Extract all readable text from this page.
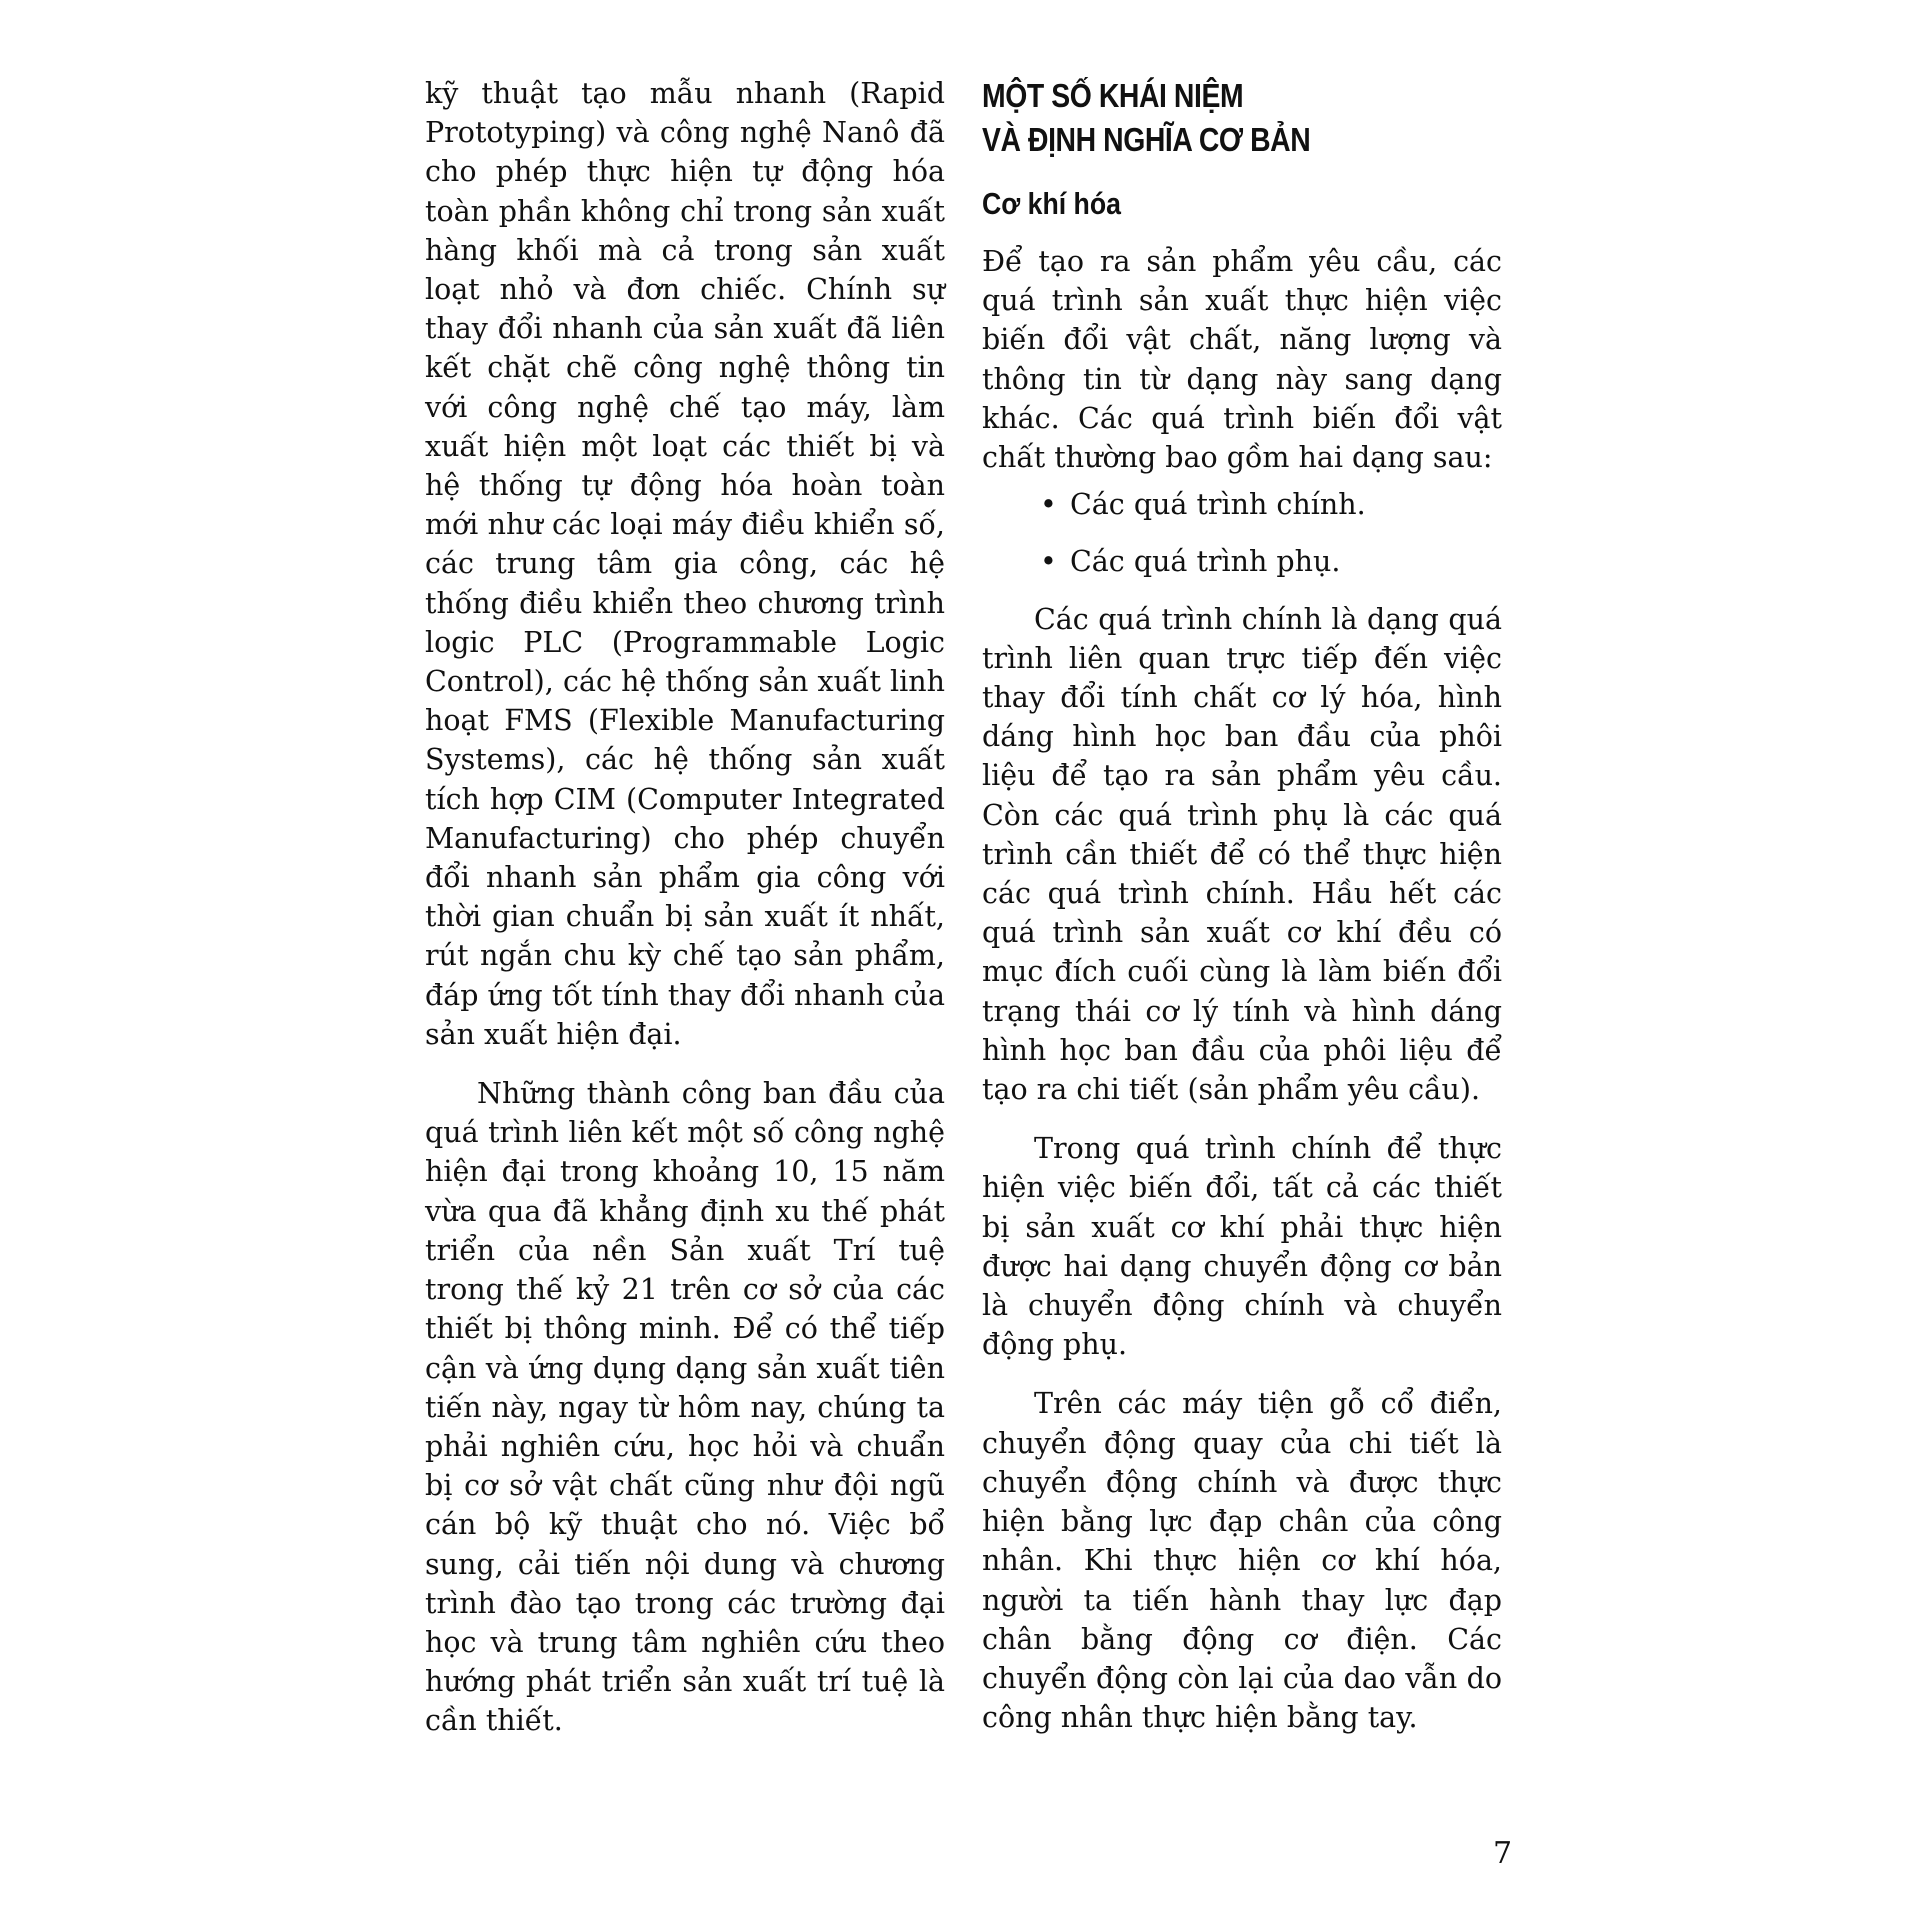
kỹ thuật tạo mẫu nhanh (Rapid Prototyping) và công nghệ Nanô đã cho phép thực hiện tự động hóa toàn phần không chỉ trong sản xuất hàng khối mà cả trong sản xuất loạt nhỏ và đơn chiếc. Chính sự thay đổi nhanh của sản xuất đã liên kết chặt chẽ công nghệ thông tin với công nghệ chế tạo máy, làm xuất hiện một loạt các thiết bị và hệ thống tự động hóa hoàn toàn mới như các loại máy điều khiển số, các trung tâm gia công, các hệ thống điều khiển theo chương trình logic PLC (Programmable Logic Control), các hệ thống sản xuất linh hoạt FMS (Flexible Manufacturing Systems), các hệ thống sản xuất tích hợp CIM (Computer Integrated Manufacturing) cho phép chuyển đổi nhanh sản phẩm gia công với thời gian chuẩn bị sản xuất ít nhất, rút ngắn chu kỳ chế tạo sản phẩm, đáp ứng tốt tính thay đổi nhanh của sản xuất hiện đại.

Những thành công ban đầu của quá trình liên kết một số công nghệ hiện đại trong khoảng 10, 15 năm vừa qua đã khẳng định xu thế phát triển của nền Sản xuất Trí tuệ trong thế kỷ 21 trên cơ sở của các thiết bị thông minh. Để có thể tiếp cận và ứng dụng dạng sản xuất tiên tiến này, ngay từ hôm nay, chúng ta phải nghiên cứu, học hỏi và chuẩn bị cơ sở vật chất cũng như đội ngũ cán bộ kỹ thuật cho nó. Việc bổ sung, cải tiến nội dung và chương trình đào tạo trong các trường đại học và trung tâm nghiên cứu theo hướng phát triển sản xuất trí tuệ là cần thiết.

MỘT SỐ KHÁI NIỆM
VÀ ĐỊNH NGHĨA CƠ BẢN
Cơ khí hóa

Để tạo ra sản phẩm yêu cầu, các quá trình sản xuất thực hiện việc biến đổi vật chất, năng lượng và thông tin từ dạng này sang dạng khác. Các quá trình biến đổi vật chất thường bao gồm hai dạng sau:

• Các quá trình chính.
• Các quá trình phụ.

Các quá trình chính là dạng quá trình liên quan trực tiếp đến việc thay đổi tính chất cơ lý hóa, hình dáng hình học ban đầu của phôi liệu để tạo ra sản phẩm yêu cầu. Còn các quá trình phụ là các quá trình cần thiết để có thể thực hiện các quá trình chính. Hầu hết các quá trình sản xuất cơ khí đều có mục đích cuối cùng là làm biến đổi trạng thái cơ lý tính và hình dáng hình học ban đầu của phôi liệu để tạo ra chi tiết (sản phẩm yêu cầu).

Trong quá trình chính để thực hiện việc biến đổi, tất cả các thiết bị sản xuất cơ khí phải thực hiện được hai dạng chuyển động cơ bản là chuyển động chính và chuyển động phụ.

Trên các máy tiện gỗ cổ điển, chuyển động quay của chi tiết là chuyển động chính và được thực hiện bằng lực đạp chân của công nhân. Khi thực hiện cơ khí hóa, người ta tiến hành thay lực đạp chân bằng động cơ điện. Các chuyển động còn lại của dao vẫn do công nhân thực hiện bằng tay.

7
